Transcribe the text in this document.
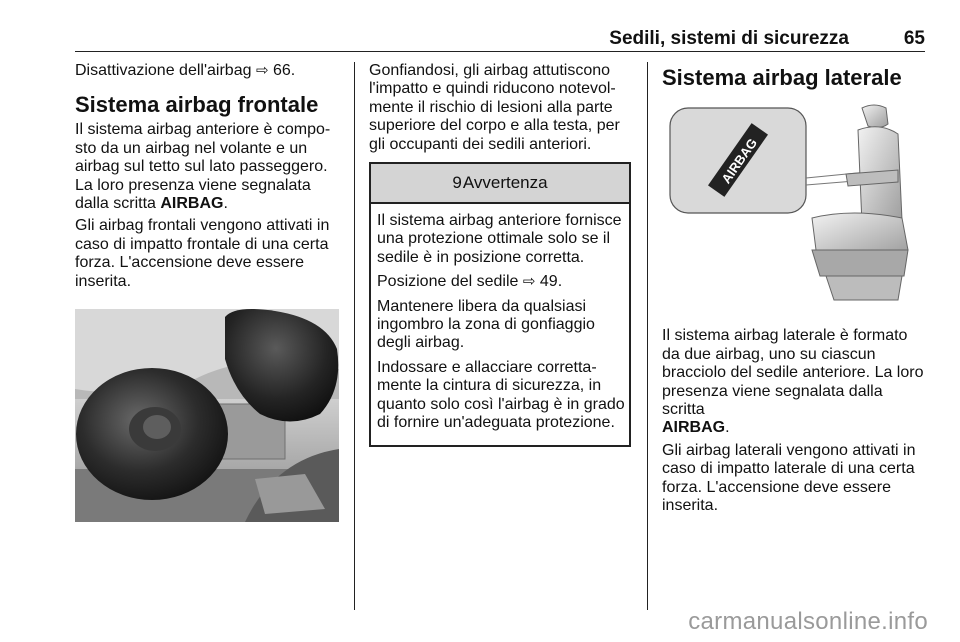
Sedili, sistemi di sicurezza	65
Disattivazione dell'airbag ⇨ 66.
Sistema airbag frontale
Il sistema airbag anteriore è compo-sto da un airbag nel volante e un airbag sul tetto sul lato passeggero. La loro presenza viene segnalata dalla scritta AIRBAG.
Gli airbag frontali vengono attivati in caso di impatto frontale di una certa forza. L'accensione deve essere inserita.
Gonfiandosi, gli airbag attutiscono l'impatto e quindi riducono notevol-mente il rischio di lesioni alla parte superiore del corpo e alla testa, per gli occupanti dei sedili anteriori.
9 Avvertenza
Il sistema airbag anteriore fornisce una protezione ottimale solo se il sedile è in posizione corretta.
Posizione del sedile ⇨ 49.
Mantenere libera da qualsiasi ingombro la zona di gonfiaggio degli airbag.
Indossare e allacciare corretta-mente la cintura di sicurezza, in quanto solo così l'airbag è in grado di fornire un'adeguata protezione.
Sistema airbag laterale
AIRBAG
Il sistema airbag laterale è formato da due airbag, uno su ciascun bracciolo del sedile anteriore. La loro presenza viene segnalata dalla scritta
AIRBAG.
Gli airbag laterali vengono attivati in caso di impatto laterale di una certa forza. L'accensione deve essere inserita.
carmanualsonline.info
